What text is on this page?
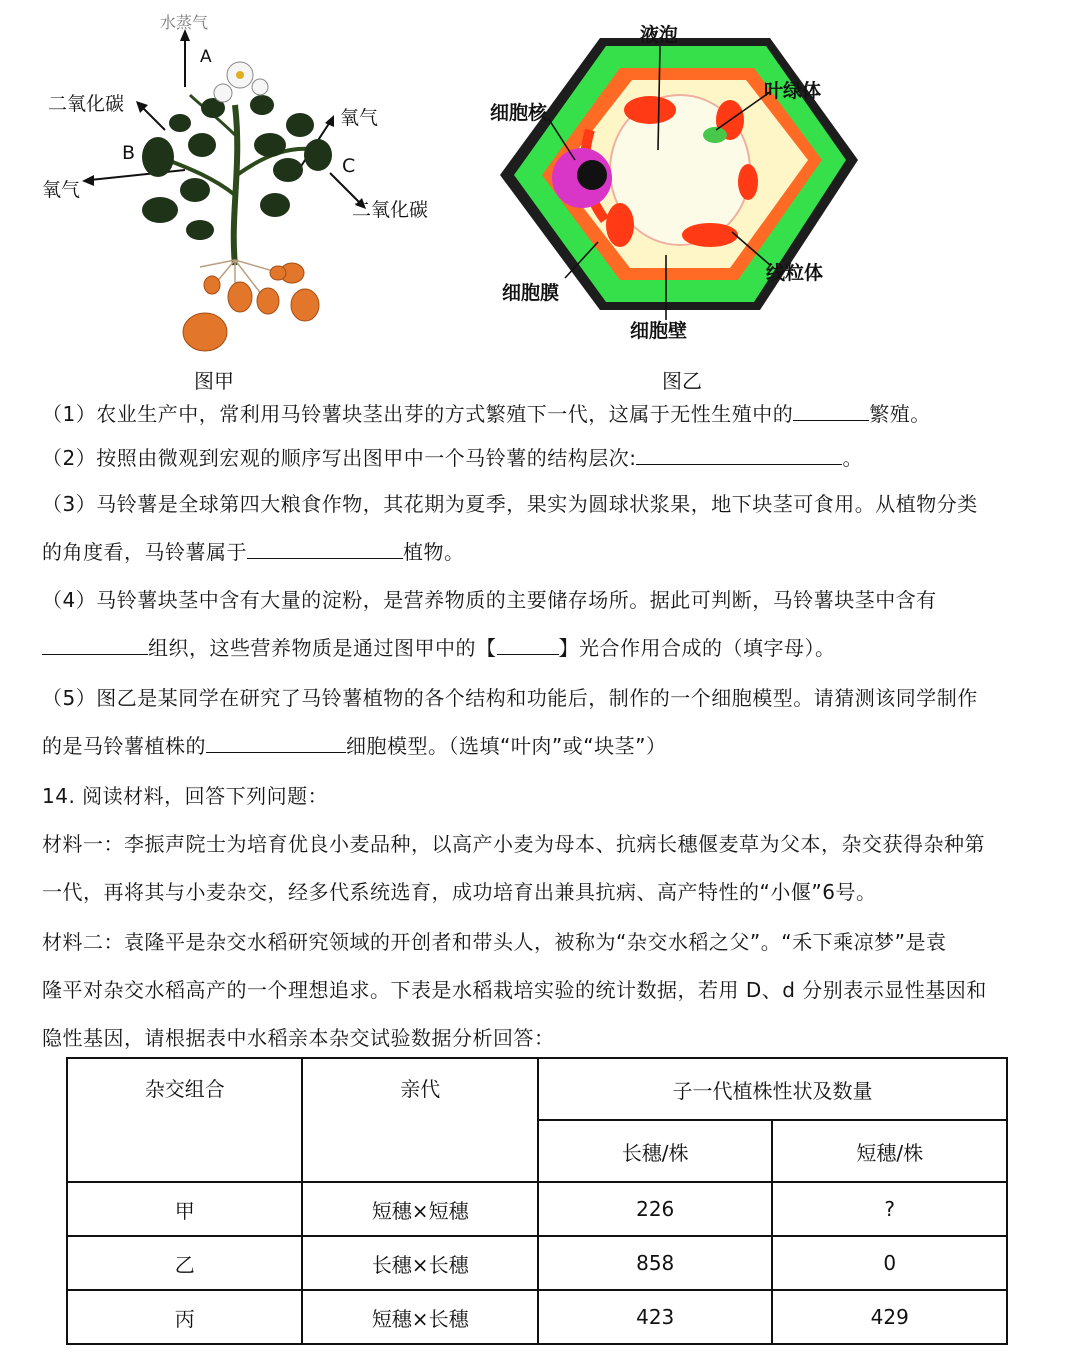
水蒸气
A
二氧化碳
B
氧气
氧气
C
二氧化碳
图甲
液泡
细胞核
叶绿体
线粒体
细胞膜
细胞壁
图乙
（1）农业生产中，常利用马铃薯块茎出芽的方式繁殖下一代，这属于无性生殖中的	繁殖。
（2）按照由微观到宏观的顺序写出图甲中一个马铃薯的结构层次:	。
（3）马铃薯是全球第四大粮食作物，其花期为夏季，果实为圆球状浆果，地下块茎可食用。从植物分类
的角度看，马铃薯属于	植物。
（4）马铃薯块茎中含有大量的淀粉，是营养物质的主要储存场所。据此可判断，马铃薯块茎中含有
组织，这些营养物质是通过图甲中的【	】光合作用合成的（填字母）。
（5）图乙是某同学在研究了马铃薯植物的各个结构和功能后，制作的一个细胞模型。请猜测该同学制作
的是马铃薯植株的	细胞模型。（选填“叶肉”或“块茎”）
14. 阅读材料，回答下列问题：
材料一：李振声院士为培育优良小麦品种，以高产小麦为母本、抗病长穗偃麦草为父本，杂交获得杂种第
一代，再将其与小麦杂交，经多代系统选育，成功培育出兼具抗病、高产特性的“小偃”6号。
材料二：袁隆平是杂交水稻研究领域的开创者和带头人，被称为“杂交水稻之父”。“禾下乘凉梦”是袁
隆平对杂交水稻高产的一个理想追求。下表是水稻栽培实验的统计数据，若用 D、d 分别表示显性基因和
隐性基因，请根据表中水稻亲本杂交试验数据分析回答：
杂交组合	亲代	子一代植株性状及数量	
		长穗/株	短穗/株
甲	短穗×短穗	226	?
乙	长穗×长穗	858	0
丙	短穗×长穗	423	429
